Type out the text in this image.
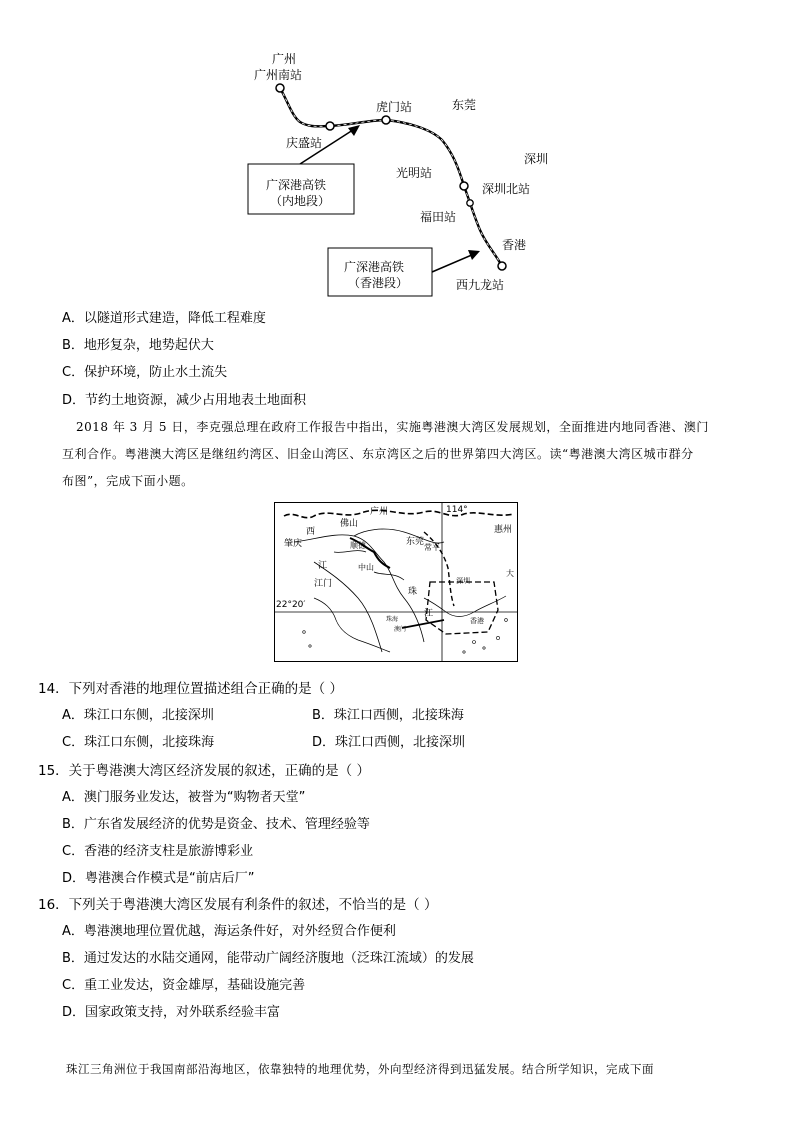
广州
广州南站
虎门站	东莞
庆盛站
深圳
光明站
深圳北站
福田站
香港
西九龙站
广深港高铁
（内地段）
广深港高铁
（香港段）
A．以隧道形式建造，降低工程难度
B．地形复杂，地势起伏大
C．保护环境，防止水土流失
D．节约土地资源，减少占用地表土地面积
2018 年 3 月 5 日，李克强总理在政府工作报告中指出，实施粤港澳大湾区发展规划，全面推进内地同香港、澳门
互利合作。粤港澳大湾区是继纽约湾区、旧金山湾区、东京湾区之后的世界第四大湾区。读“粤港澳大湾区城市群分
布图”，完成下面小题。
广州	114°
佛山
西	惠州
肇庆	顺德	东莞
常平
中山
江
江门	深圳
大
珠
22°20′
江
珠海
澳门
香港
14．下列对香港的地理位置描述组合正确的是（ ）
A．珠江口东侧，北接深圳	B．珠江口西侧，北接珠海
C．珠江口东侧，北接珠海	D．珠江口西侧，北接深圳
15．关于粤港澳大湾区经济发展的叙述，正确的是（ ）
A．澳门服务业发达，被誉为“购物者天堂”
B．广东省发展经济的优势是资金、技术、管理经验等
C．香港的经济支柱是旅游博彩业
D．粤港澳合作模式是“前店后厂”
16．下列关于粤港澳大湾区发展有利条件的叙述，不恰当的是（ ）
A．粤港澳地理位置优越，海运条件好，对外经贸合作便利
B．通过发达的水陆交通网，能带动广阔经济腹地（泛珠江流域）的发展
C．重工业发达，资金雄厚，基础设施完善
D．国家政策支持，对外联系经验丰富
珠江三角洲位于我国南部沿海地区，依靠独特的地理优势，外向型经济得到迅猛发展。结合所学知识，完成下面
